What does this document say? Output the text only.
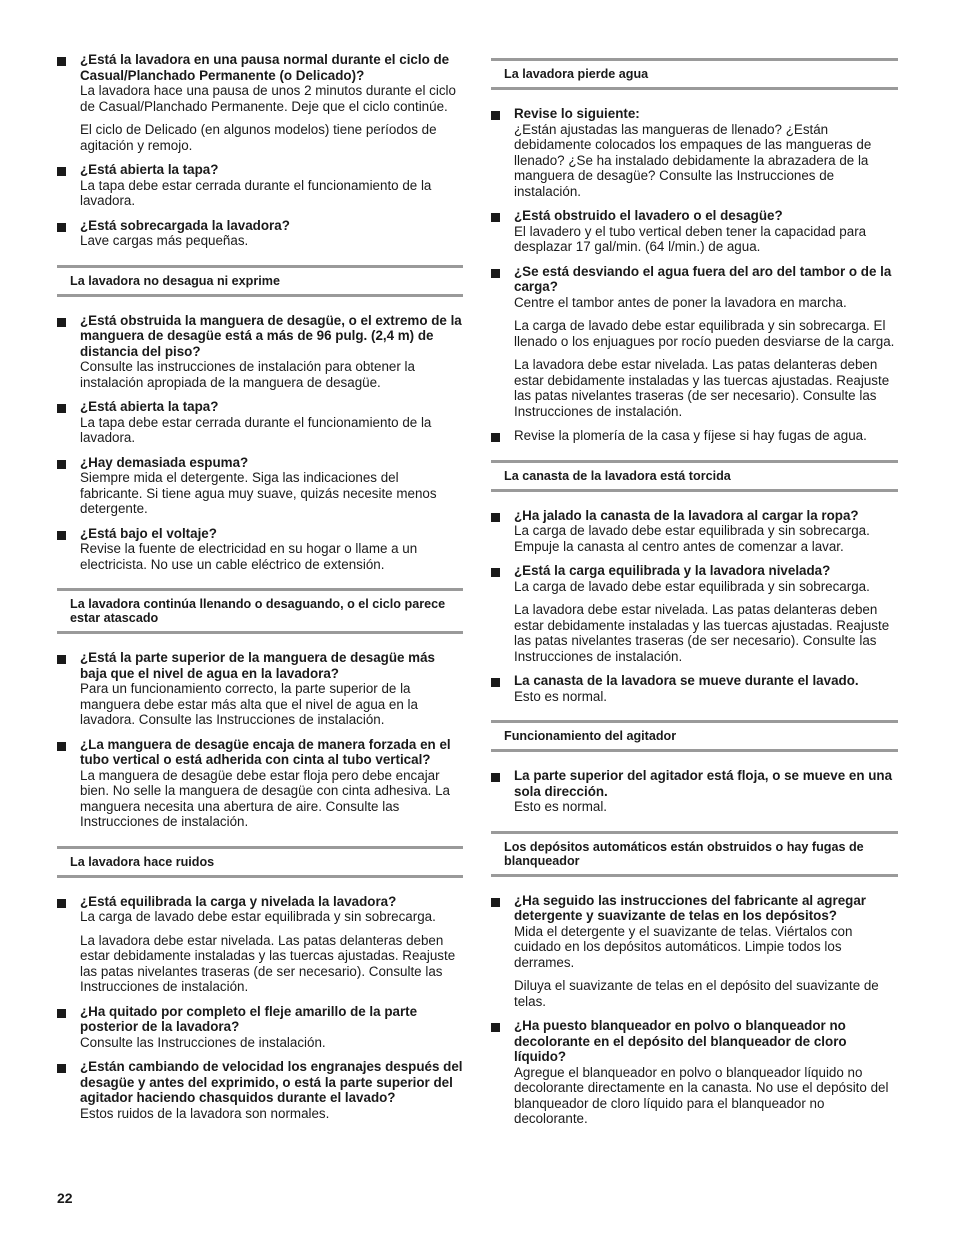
¿Está la lavadora en una pausa normal durante el ciclo de Casual/Planchado Permanente (o Delicado)?
La lavadora hace una pausa de unos 2 minutos durante el ciclo de Casual/Planchado Permanente. Deje que el ciclo continúe.
El ciclo de Delicado (en algunos modelos) tiene períodos de agitación y remojo.
¿Está abierta la tapa?
La tapa debe estar cerrada durante el funcionamiento de la lavadora.
¿Está sobrecargada la lavadora?
Lave cargas más pequeñas.
La lavadora no desagua ni exprime
¿Está obstruida la manguera de desagüe, o el extremo de la manguera de desagüe está a más de 96 pulg. (2,4 m) de distancia del piso?
Consulte las instrucciones de instalación para obtener la instalación apropiada de la manguera de desagüe.
¿Está abierta la tapa?
La tapa debe estar cerrada durante el funcionamiento de la lavadora.
¿Hay demasiada espuma?
Siempre mida el detergente. Siga las indicaciones del fabricante. Si tiene agua muy suave, quizás necesite menos detergente.
¿Está bajo el voltaje?
Revise la fuente de electricidad en su hogar o llame a un electricista. No use un cable eléctrico de extensión.
La lavadora continúa llenando o desaguando, o el ciclo parece estar atascado
¿Está la parte superior de la manguera de desagüe más baja que el nivel de agua en la lavadora?
Para un funcionamiento correcto, la parte superior de la manguera debe estar más alta que el nivel de agua en la lavadora. Consulte las Instrucciones de instalación.
¿La manguera de desagüe encaja de manera forzada en el tubo vertical o está adherida con cinta al tubo vertical?
La manguera de desagüe debe estar floja pero debe encajar bien. No selle la manguera de desagüe con cinta adhesiva. La manguera necesita una abertura de aire. Consulte las Instrucciones de instalación.
La lavadora hace ruidos
¿Está equilibrada la carga y nivelada la lavadora?
La carga de lavado debe estar equilibrada y sin sobrecarga.
La lavadora debe estar nivelada. Las patas delanteras deben estar debidamente instaladas y las tuercas ajustadas. Reajuste las patas nivelantes traseras (de ser necesario). Consulte las Instrucciones de instalación.
¿Ha quitado por completo el fleje amarillo de la parte posterior de la lavadora?
Consulte las Instrucciones de instalación.
¿Están cambiando de velocidad los engranajes después del desagüe y antes del exprimido, o está la parte superior del agitador haciendo chasquidos durante el lavado?
Estos ruidos de la lavadora son normales.
La lavadora pierde agua
Revise lo siguiente:
¿Están ajustadas las mangueras de llenado? ¿Están debidamente colocados los empaques de las mangueras de llenado? ¿Se ha instalado debidamente la abrazadera de la manguera de desagüe? Consulte las Instrucciones de instalación.
¿Está obstruido el lavadero o el desagüe?
El lavadero y el tubo vertical deben tener la capacidad para desplazar 17 gal/min. (64 l/min.) de agua.
¿Se está desviando el agua fuera del aro del tambor o de la carga?
Centre el tambor antes de poner la lavadora en marcha.
La carga de lavado debe estar equilibrada y sin sobrecarga. El llenado o los enjuagues por rocío pueden desviarse de la carga.
La lavadora debe estar nivelada. Las patas delanteras deben estar debidamente instaladas y las tuercas ajustadas. Reajuste las patas nivelantes traseras (de ser necesario). Consulte las Instrucciones de instalación.
Revise la plomería de la casa y fíjese si hay fugas de agua.
La canasta de la lavadora está torcida
¿Ha jalado la canasta de la lavadora al cargar la ropa?
La carga de lavado debe estar equilibrada y sin sobrecarga. Empuje la canasta al centro antes de comenzar a lavar.
¿Está la carga equilibrada y la lavadora nivelada?
La carga de lavado debe estar equilibrada y sin sobrecarga.
La lavadora debe estar nivelada. Las patas delanteras deben estar debidamente instaladas y las tuercas ajustadas. Reajuste las patas nivelantes traseras (de ser necesario). Consulte las Instrucciones de instalación.
La canasta de la lavadora se mueve durante el lavado.
Esto es normal.
Funcionamiento del agitador
La parte superior del agitador está floja, o se mueve en una sola dirección.
Esto es normal.
Los depósitos automáticos están obstruidos o hay fugas de blanqueador
¿Ha seguido las instrucciones del fabricante al agregar detergente y suavizante de telas en los depósitos?
Mida el detergente y el suavizante de telas. Viértalos con cuidado en los depósitos automáticos. Limpie todos los derrames.
Diluya el suavizante de telas en el depósito del suavizante de telas.
¿Ha puesto blanqueador en polvo o blanqueador no decolorante en el depósito del blanqueador de cloro líquido?
Agregue el blanqueador en polvo o blanqueador líquido no decolorante directamente en la canasta. No use el depósito del blanqueador de cloro líquido para el blanqueador no decolorante.
22
